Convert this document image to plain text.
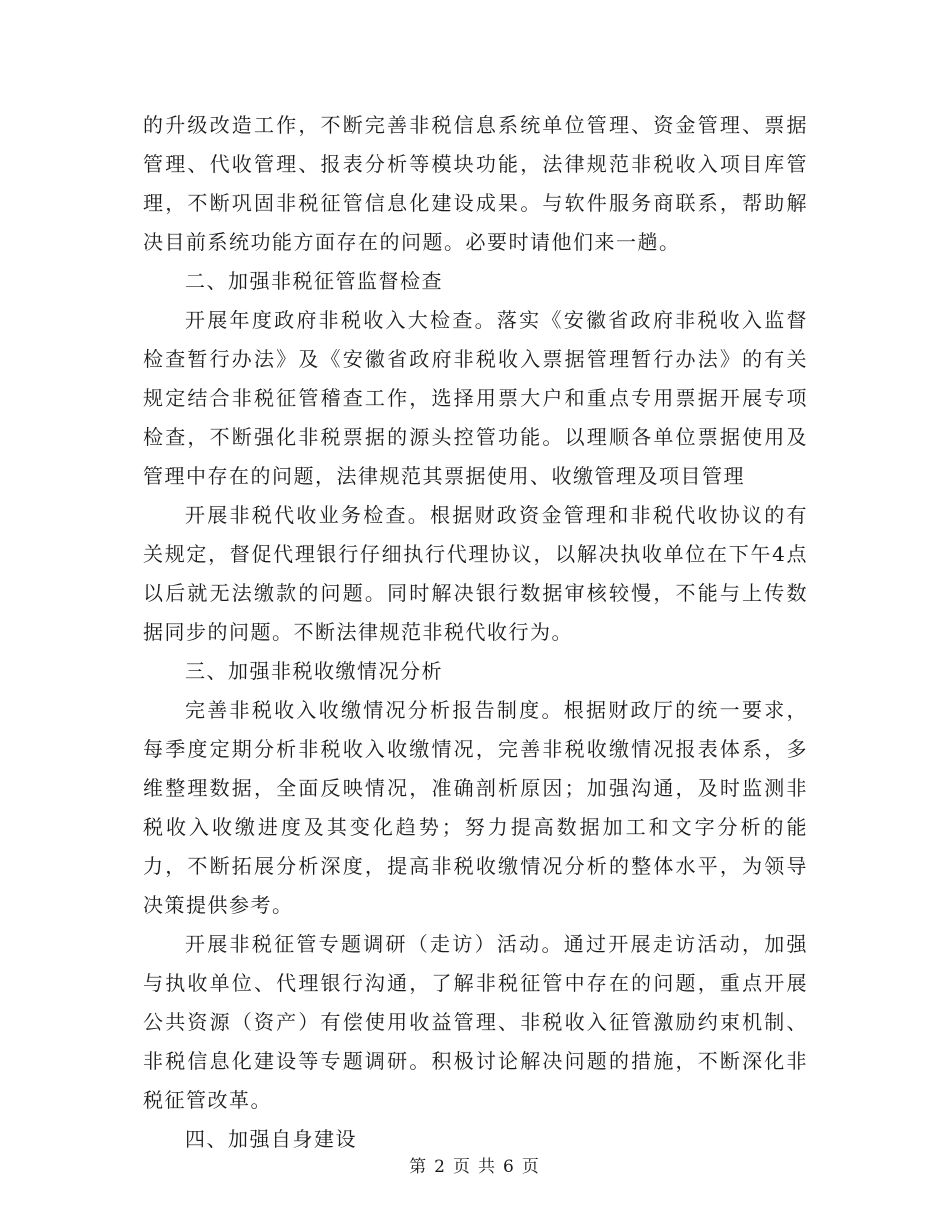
的升级改造工作，不断完善非税信息系统单位管理、资金管理、票据管理、代收管理、报表分析等模块功能，法律规范非税收入项目库管理，不断巩固非税征管信息化建设成果。与软件服务商联系，帮助解决目前系统功能方面存在的问题。必要时请他们来一趟。

二、加强非税征管监督检查

开展年度政府非税收入大检查。落实《安徽省政府非税收入监督检查暂行办法》及《安徽省政府非税收入票据管理暂行办法》的有关规定结合非税征管稽查工作，选择用票大户和重点专用票据开展专项检查，不断强化非税票据的源头控管功能。以理顺各单位票据使用及管理中存在的问题，法律规范其票据使用、收缴管理及项目管理

开展非税代收业务检查。根据财政资金管理和非税代收协议的有关规定，督促代理银行仔细执行代理协议，以解决执收单位在下午4点以后就无法缴款的问题。同时解决银行数据审核较慢，不能与上传数据同步的问题。不断法律规范非税代收行为。

三、加强非税收缴情况分析

完善非税收入收缴情况分析报告制度。根据财政厅的统一要求，每季度定期分析非税收入收缴情况，完善非税收缴情况报表体系，多维整理数据，全面反映情况，准确剖析原因；加强沟通，及时监测非税收入收缴进度及其变化趋势；努力提高数据加工和文字分析的能力，不断拓展分析深度，提高非税收缴情况分析的整体水平，为领导决策提供参考。

开展非税征管专题调研（走访）活动。通过开展走访活动，加强与执收单位、代理银行沟通，了解非税征管中存在的问题，重点开展公共资源（资产）有偿使用收益管理、非税收入征管激励约束机制、非税信息化建设等专题调研。积极讨论解决问题的措施，不断深化非税征管改革。

四、加强自身建设

第 2 页 共 6 页
